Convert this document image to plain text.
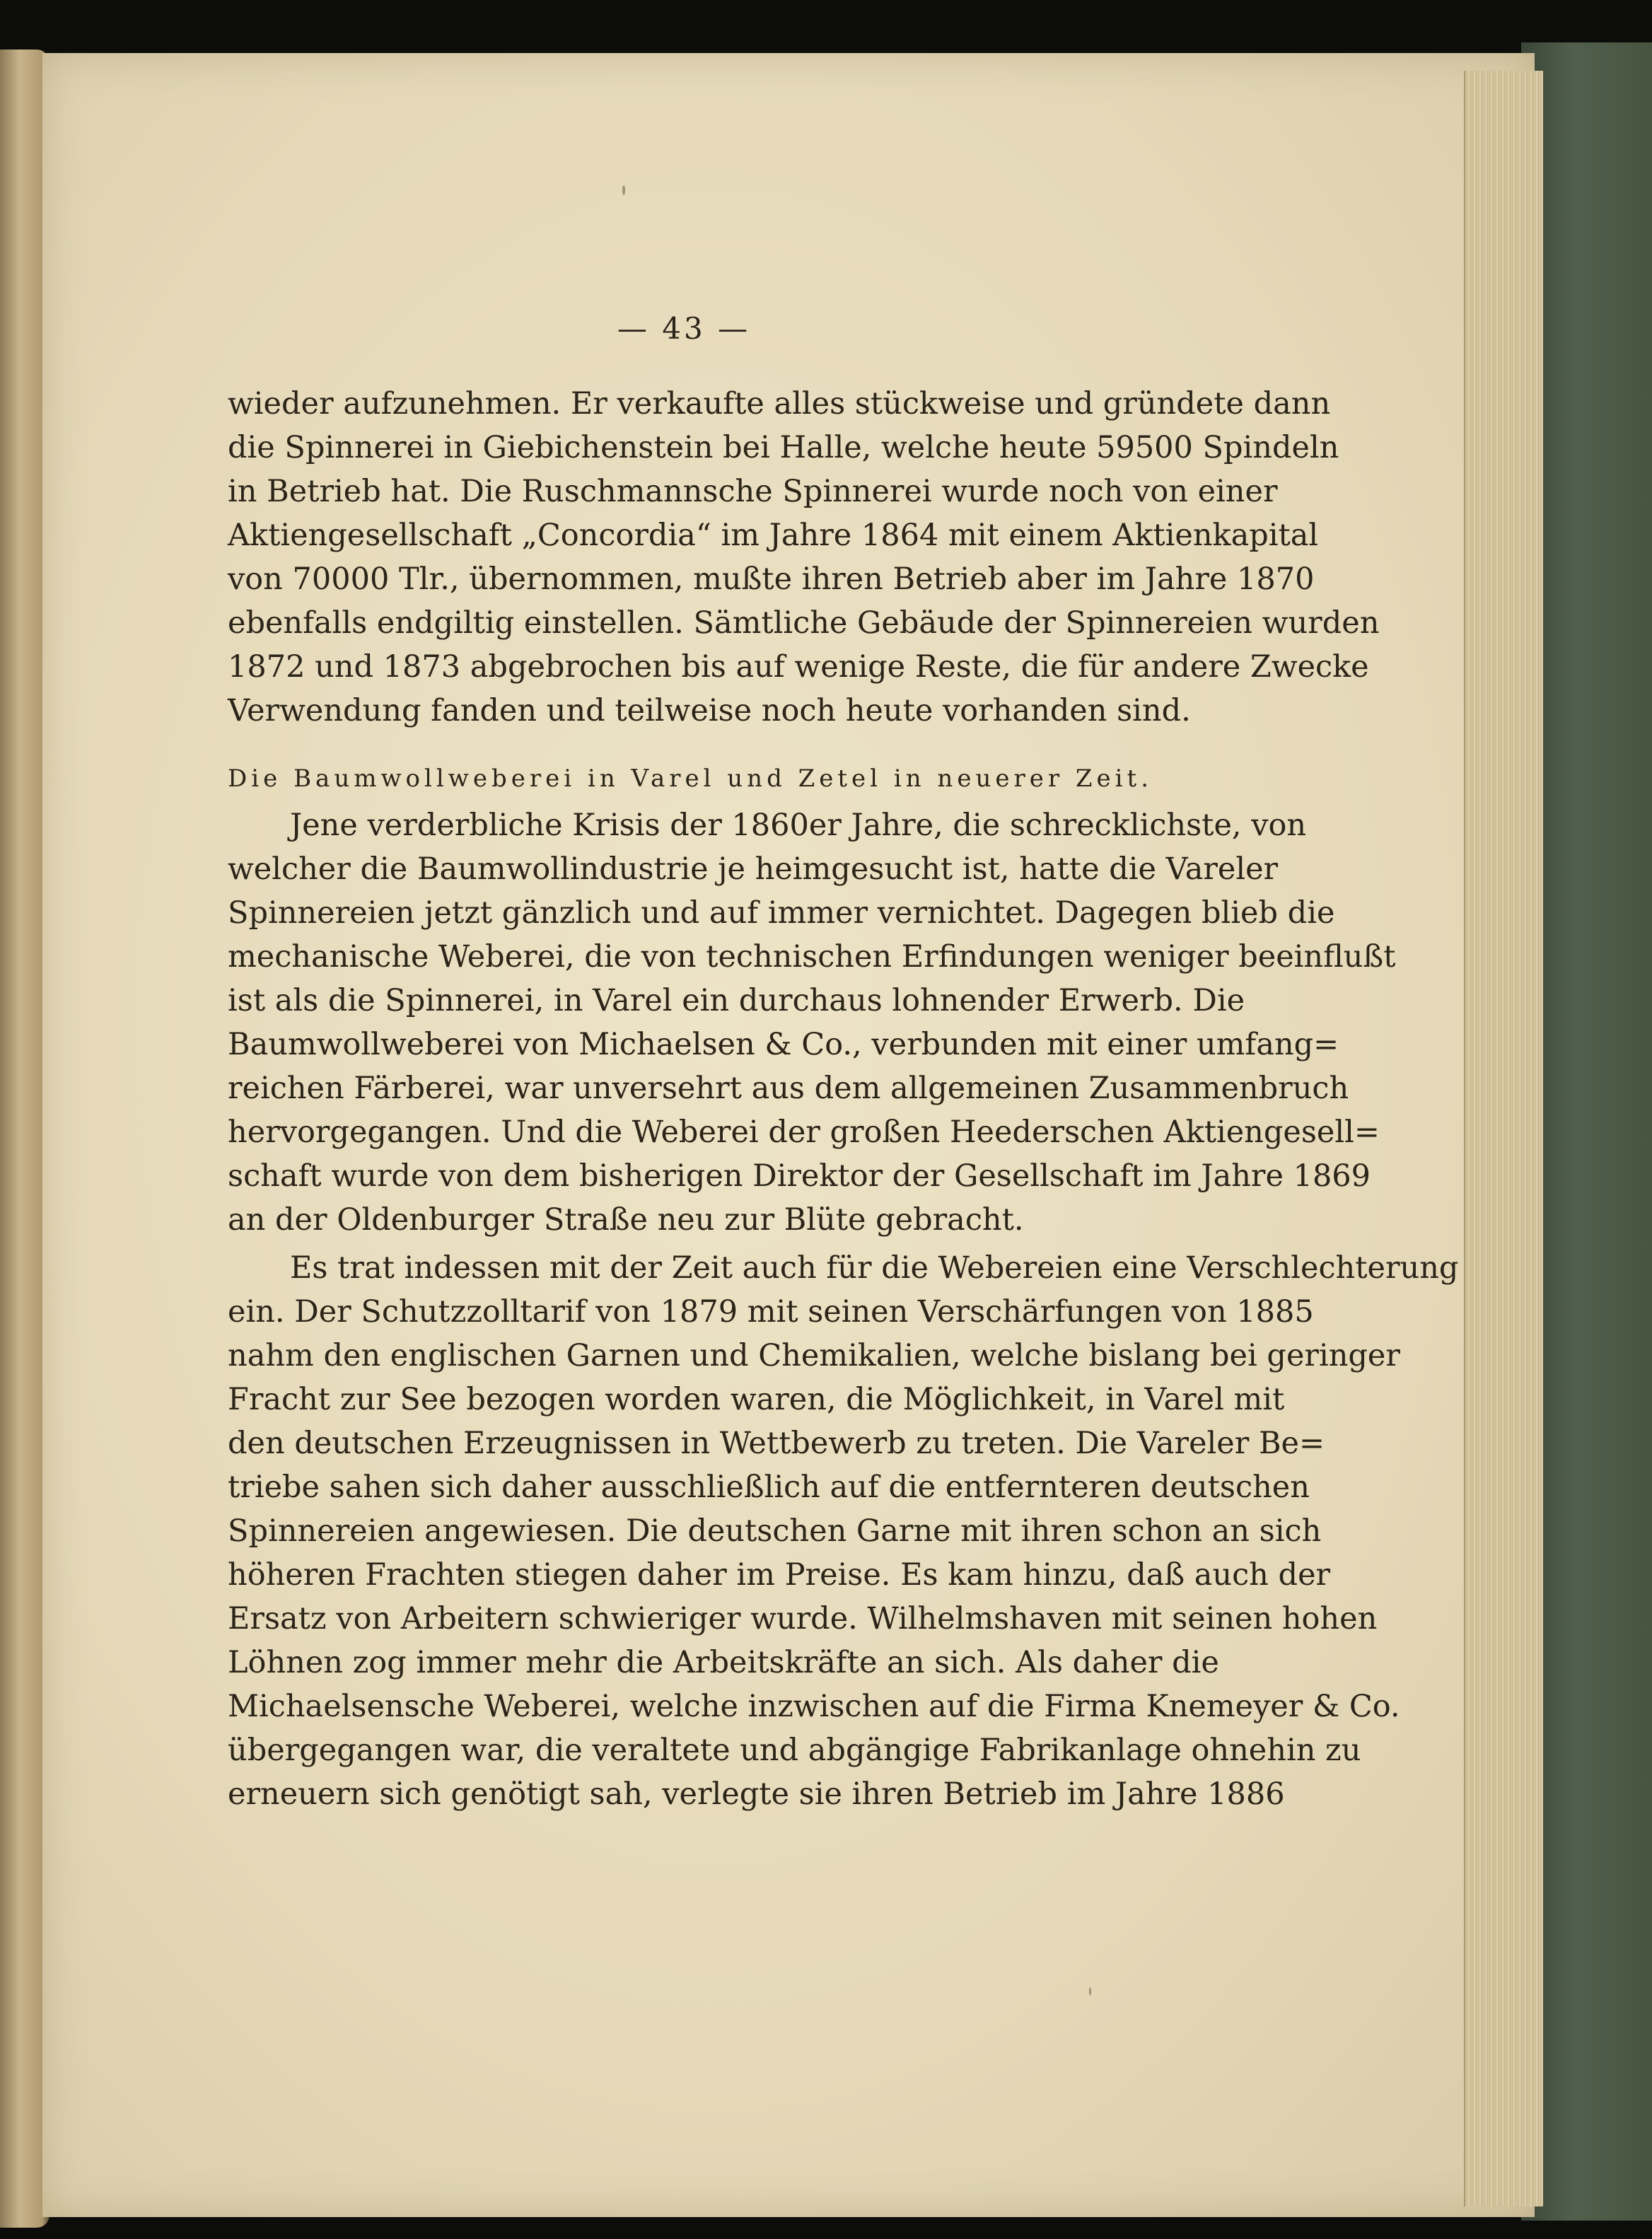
— 43 —
wieder aufzunehmen. Er verkaufte alles stückweise und gründete dann
die Spinnerei in Giebichenstein bei Halle, welche heute 59500 Spindeln
in Betrieb hat. Die Ruschmannsche Spinnerei wurde noch von einer
Aktiengesellschaft „Concordia“ im Jahre 1864 mit einem Aktienkapital
von 70000 Tlr., übernommen, mußte ihren Betrieb aber im Jahre 1870
ebenfalls endgiltig einstellen. Sämtliche Gebäude der Spinnereien wurden
1872 und 1873 abgebrochen bis auf wenige Reste, die für andere Zwecke
Verwendung fanden und teilweise noch heute vorhanden sind.
Die Baumwollweberei in Varel und Zetel in neuerer Zeit.
Jene verderbliche Krisis der 1860er Jahre, die schrecklichste, von
welcher die Baumwollindustrie je heimgesucht ist, hatte die Vareler
Spinnereien jetzt gänzlich und auf immer vernichtet. Dagegen blieb die
mechanische Weberei, die von technischen Erfindungen weniger beeinflußt
ist als die Spinnerei, in Varel ein durchaus lohnender Erwerb. Die
Baumwollweberei von Michaelsen & Co., verbunden mit einer umfang=
reichen Färberei, war unversehrt aus dem allgemeinen Zusammenbruch
hervorgegangen. Und die Weberei der großen Heederschen Aktiengesell=
schaft wurde von dem bisherigen Direktor der Gesellschaft im Jahre 1869
an der Oldenburger Straße neu zur Blüte gebracht.
Es trat indessen mit der Zeit auch für die Webereien eine Verschlechterung
ein. Der Schutzzolltarif von 1879 mit seinen Verschärfungen von 1885
nahm den englischen Garnen und Chemikalien, welche bislang bei geringer
Fracht zur See bezogen worden waren, die Möglichkeit, in Varel mit
den deutschen Erzeugnissen in Wettbewerb zu treten. Die Vareler Be=
triebe sahen sich daher ausschließlich auf die entfernteren deutschen
Spinnereien angewiesen. Die deutschen Garne mit ihren schon an sich
höheren Frachten stiegen daher im Preise. Es kam hinzu, daß auch der
Ersatz von Arbeitern schwieriger wurde. Wilhelmshaven mit seinen hohen
Löhnen zog immer mehr die Arbeitskräfte an sich. Als daher die
Michaelsensche Weberei, welche inzwischen auf die Firma Knemeyer & Co.
übergegangen war, die veraltete und abgängige Fabrikanlage ohnehin zu
erneuern sich genötigt sah, verlegte sie ihren Betrieb im Jahre 1886
